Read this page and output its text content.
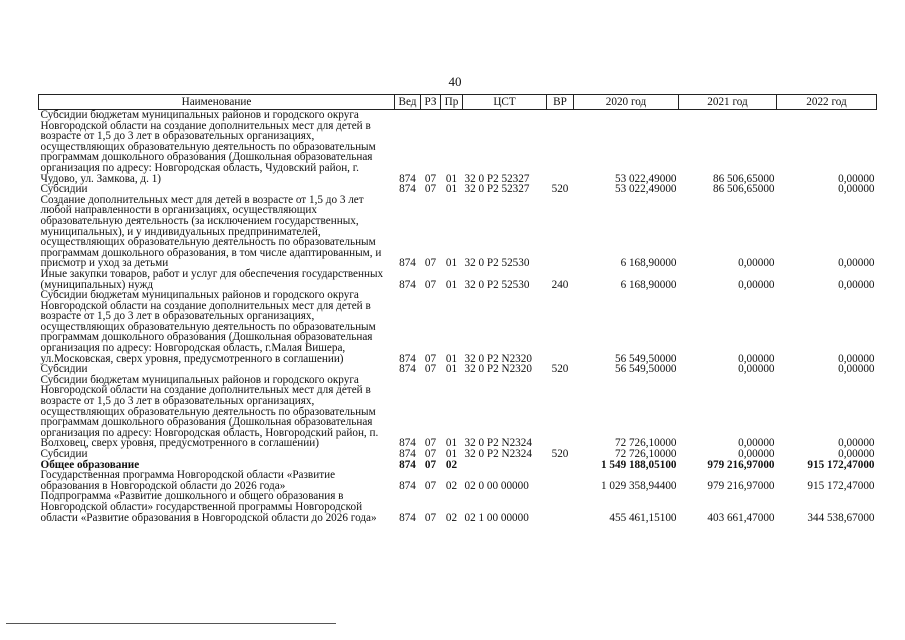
40
Наименование	Вед	РЗ	Пр	ЦСТ	ВР	2020 год	2021 год	2022 год
Субсидии бюджетам муниципальных районов и городского округа Новгородской области на создание дополнительных мест для детей в возрасте от 1,5 до 3 лет в образовательных организациях, осуществляющих образовательную деятельность по образовательным программам дошкольного образования (Дошкольная образовательная организация по адресу: Новгородская область, Чудовский район, г. Чудово, ул. Замкова, д. 1)	874	07	01	32 0 P2 52327		53 022,49000	86 506,65000	0,00000
Субсидии	874	07	01	32 0 P2 52327	520	53 022,49000	86 506,65000	0,00000
Создание дополнительных мест для детей в возрасте от 1,5 до 3 лет любой направленности в организациях, осуществляющих образовательную деятельность (за исключением государственных, муниципальных), и у индивидуальных предпринимателей, осуществляющих образовательную деятельность по образовательным программам дошкольного образования, в том числе адаптированным, и присмотр и уход за детьми	874	07	01	32 0 P2 52530		6 168,90000	0,00000	0,00000
Иные закупки товаров, работ и услуг для обеспечения государственных (муниципальных) нужд	874	07	01	32 0 P2 52530	240	6 168,90000	0,00000	0,00000
Субсидии бюджетам муниципальных районов и городского округа Новгородской области на создание дополнительных мест для детей в возрасте от 1,5 до 3 лет в образовательных организациях, осуществляющих образовательную деятельность по образовательным программам дошкольного образования (Дошкольная образовательная организация по адресу: Новгородская область, г.Малая Вишера, ул.Московская, сверх уровня, предусмотренного в соглашении)	874	07	01	32 0 P2 N2320		56 549,50000	0,00000	0,00000
Субсидии	874	07	01	32 0 P2 N2320	520	56 549,50000	0,00000	0,00000
Субсидии бюджетам муниципальных районов и городского округа Новгородской области на создание дополнительных мест для детей в возрасте от 1,5 до 3 лет в образовательных организациях, осуществляющих образовательную деятельность по образовательным программам дошкольного образования (Дошкольная образовательная организация по адресу: Новгородская область, Новгородский район, п. Волховец, сверх уровня, предусмотренного в соглашении)	874	07	01	32 0 P2 N2324		72 726,10000	0,00000	0,00000
Субсидии	874	07	01	32 0 P2 N2324	520	72 726,10000	0,00000	0,00000
Общее образование	874	07	02			1 549 188,05100	979 216,97000	915 172,47000
Государственная программа Новгородской области «Развитие образования в Новгородской области до 2026 года»	874	07	02	02 0 00 00000		1 029 358,94400	979 216,97000	915 172,47000
Подпрограмма «Развитие дошкольного и общего образования в Новгородской области» государственной программы Новгородской области «Развитие образования в Новгородской области до 2026 года»	874	07	02	02 1 00 00000		455 461,15100	403 661,47000	344 538,67000
